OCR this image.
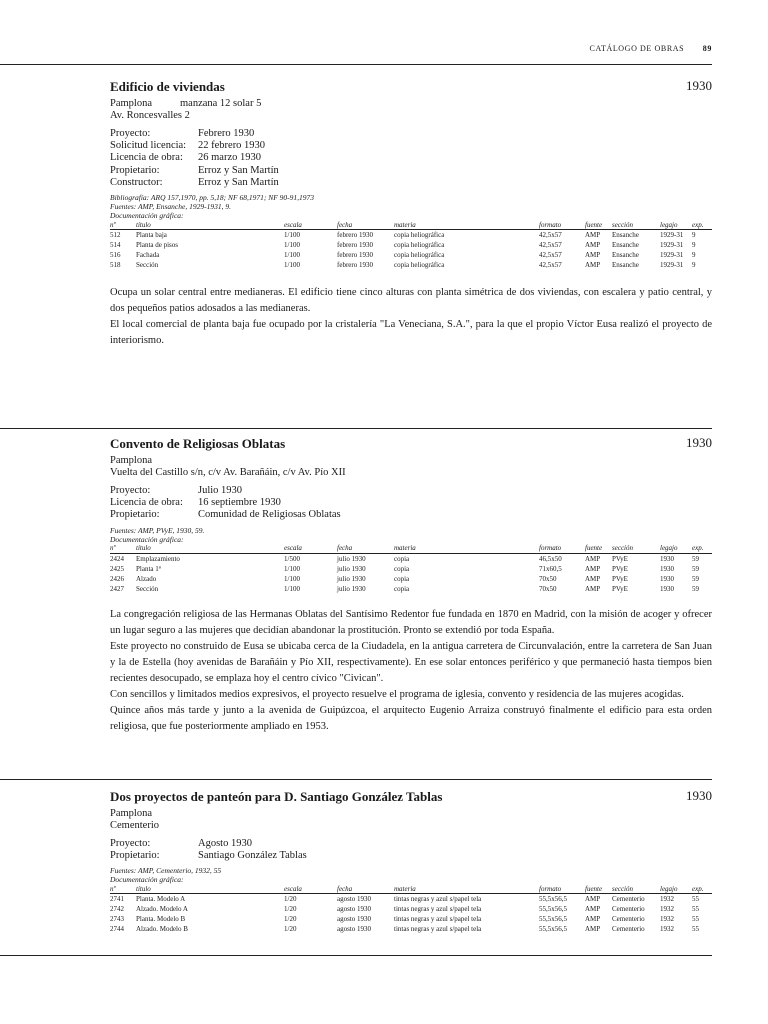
CATÁLOGO DE OBRAS 89
Edificio de viviendas	1930
Pamplona	manzana 12 solar 5
Av. Roncesvalles 2
Proyecto:	Febrero 1930
Solicitud licencia:	22 febrero 1930
Licencia de obra:	26 marzo 1930
Propietario:	Erroz y San Martín
Constructor:	Erroz y San Martín
Bibliografía: ARQ 157,1970, pp. 5,18; NF 68,1971; NF 90-91,1973
Fuentes: AMP, Ensanche, 1929-1931, 9.
Documentación gráfica:
nº	título	escala	fecha	materia	formato	fuente	sección	legajo	exp.
512	Planta baja	1/100	febrero 1930	copia heliográfica	42,5x57	AMP	Ensanche	1929-31	9
514	Planta de pisos	1/100	febrero 1930	copia heliográfica	42,5x57	AMP	Ensanche	1929-31	9
516	Fachada	1/100	febrero 1930	copia heliográfica	42,5x57	AMP	Ensanche	1929-31	9
518	Sección	1/100	febrero 1930	copia heliográfica	42,5x57	AMP	Ensanche	1929-31	9

Ocupa un solar central entre medianeras. El edificio tiene cinco alturas con planta simétrica de dos viviendas, con escalera y patio central, y dos pequeños patios adosados a las medianeras.

El local comercial de planta baja fue ocupado por la cristalería "La Veneciana, S.A.", para la que el propio Víctor Eusa realizó el proyecto de interiorismo.

Convento de Religiosas Oblatas	1930
Pamplona
Vuelta del Castillo s/n, c/v Av. Barañáin, c/v Av. Pío XII
Proyecto:	Julio 1930
Licencia de obra:	16 septiembre 1930
Propietario:	Comunidad de Religiosas Oblatas
Fuentes: AMP, PVyE, 1930, 59.
Documentación gráfica:
nº	título	escala	fecha	materia	formato	fuente	sección	legajo	exp.
2424	Emplazamiento	1/500	julio 1930	copia	46,5x50	AMP	PVyE	1930	59
2425	Planta 1ª	1/100	julio 1930	copia	71x60,5	AMP	PVyE	1930	59
2426	Alzado	1/100	julio 1930	copia	70x50	AMP	PVyE	1930	59
2427	Sección	1/100	julio 1930	copia	70x50	AMP	PVyE	1930	59

La congregación religiosa de las Hermanas Oblatas del Santísimo Redentor fue fundada en 1870 en Madrid, con la misión de acoger y ofrecer un lugar seguro a las mujeres que decidían abandonar la prostitución. Pronto se extendió por toda España.

Este proyecto no construido de Eusa se ubicaba cerca de la Ciudadela, en la antigua carretera de Circunvalación, entre la carretera de San Juan y la de Estella (hoy avenidas de Barañáin y Pío XII, respectivamente). En ese solar entonces periférico y que permaneció hasta tiempos bien recientes desocupado, se emplaza hoy el centro cívico "Civican".

Con sencillos y limitados medios expresivos, el proyecto resuelve el programa de iglesia, convento y residencia de las mujeres acogidas.

Quince años más tarde y junto a la avenida de Guipúzcoa, el arquitecto Eugenio Arraiza construyó finalmente el edificio para esta orden religiosa, que fue posteriormente ampliado en 1953.

Dos proyectos de panteón para D. Santiago González Tablas	1930
Pamplona
Cementerio
Proyecto:	Agosto 1930
Propietario:	Santiago González Tablas
Fuentes: AMP, Cementerio, 1932, 55
Documentación gráfica:
nº	título	escala	fecha	materia	formato	fuente	sección	legajo	exp.
2741	Planta. Modelo A	1/20	agosto 1930	tintas negras y azul s/papel tela	55,5x56,5	AMP	Cementerio	1932	55
2742	Alzado. Modelo A	1/20	agosto 1930	tintas negras y azul s/papel tela	55,5x56,5	AMP	Cementerio	1932	55
2743	Planta. Modelo B	1/20	agosto 1930	tintas negras y azul s/papel tela	55,5x56,5	AMP	Cementerio	1932	55
2744	Alzado. Modelo B	1/20	agosto 1930	tintas negras y azul s/papel tela	55,5x56,5	AMP	Cementerio	1932	55
